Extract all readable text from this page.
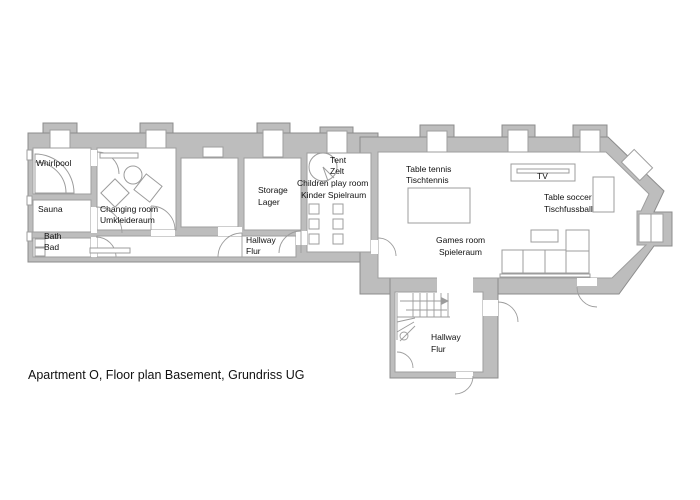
Whirlpool
Sauna
Bath
Bad
Changing room
Umkleideraum
Storage
Lager
Hallway
Flur
Tent
Zelt
Children play room
Kinder Spielraum
Table tennis
Tischtennis	TV
Table soccer
Tischfussball
Games room
Spieleraum
Hallway
Flur
Apartment O, Floor plan Basement, Grundriss UG
